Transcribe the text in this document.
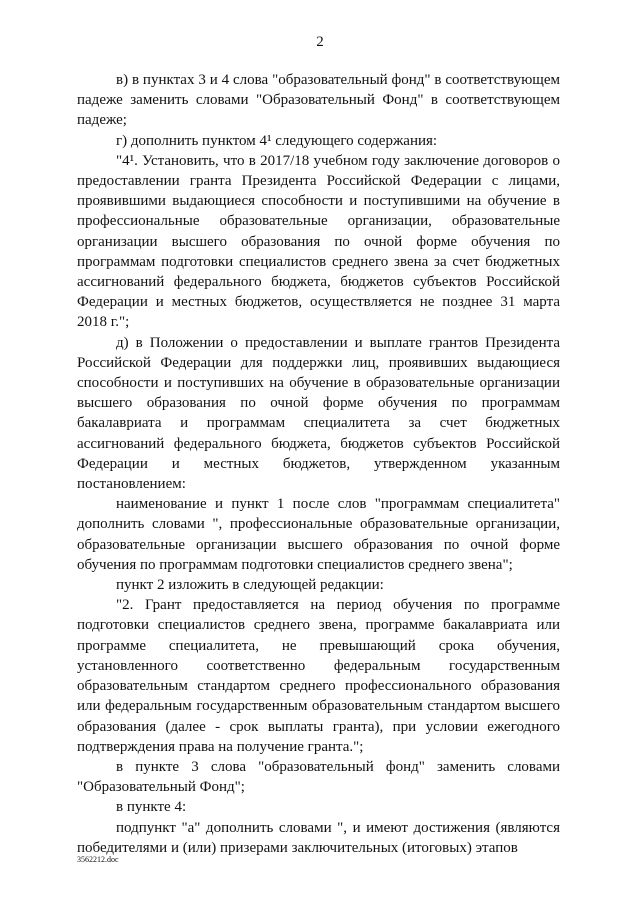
2

в) в пунктах 3 и 4 слова "образовательный фонд" в соответствующем падеже заменить словами "Образовательный Фонд" в соответствующем падеже;

г) дополнить пунктом 4¹ следующего содержания:

"4¹. Установить, что в 2017/18 учебном году заключение договоров о предоставлении гранта Президента Российской Федерации с лицами, проявившими выдающиеся способности и поступившими на обучение в профессиональные образовательные организации, образовательные организации высшего образования по очной форме обучения по программам подготовки специалистов среднего звена за счет бюджетных ассигнований федерального бюджета, бюджетов субъектов Российской Федерации и местных бюджетов, осуществляется не позднее 31 марта 2018 г.";

д) в Положении о предоставлении и выплате грантов Президента Российской Федерации для поддержки лиц, проявивших выдающиеся способности и поступивших на обучение в образовательные организации высшего образования по очной форме обучения по программам бакалавриата и программам специалитета за счет бюджетных ассигнований федерального бюджета, бюджетов субъектов Российской Федерации и местных бюджетов, утвержденном указанным постановлением:

наименование и пункт 1 после слов "программам специалитета" дополнить словами ", профессиональные образовательные организации, образовательные организации высшего образования по очной форме обучения по программам подготовки специалистов среднего звена";

пункт 2 изложить в следующей редакции:

"2. Грант предоставляется на период обучения по программе подготовки специалистов среднего звена, программе бакалавриата или программе специалитета, не превышающий срока обучения, установленного соответственно федеральным государственным образовательным стандартом среднего профессионального образования или федеральным государственным образовательным стандартом высшего образования (далее - срок выплаты гранта), при условии ежегодного подтверждения права на получение гранта.";

в пункте 3 слова "образовательный фонд" заменить словами "Образовательный Фонд";

в пункте 4:

подпункт "а" дополнить словами ", и имеют достижения (являются победителями и (или) призерами заключительных (итоговых) этапов

3562212.doc
